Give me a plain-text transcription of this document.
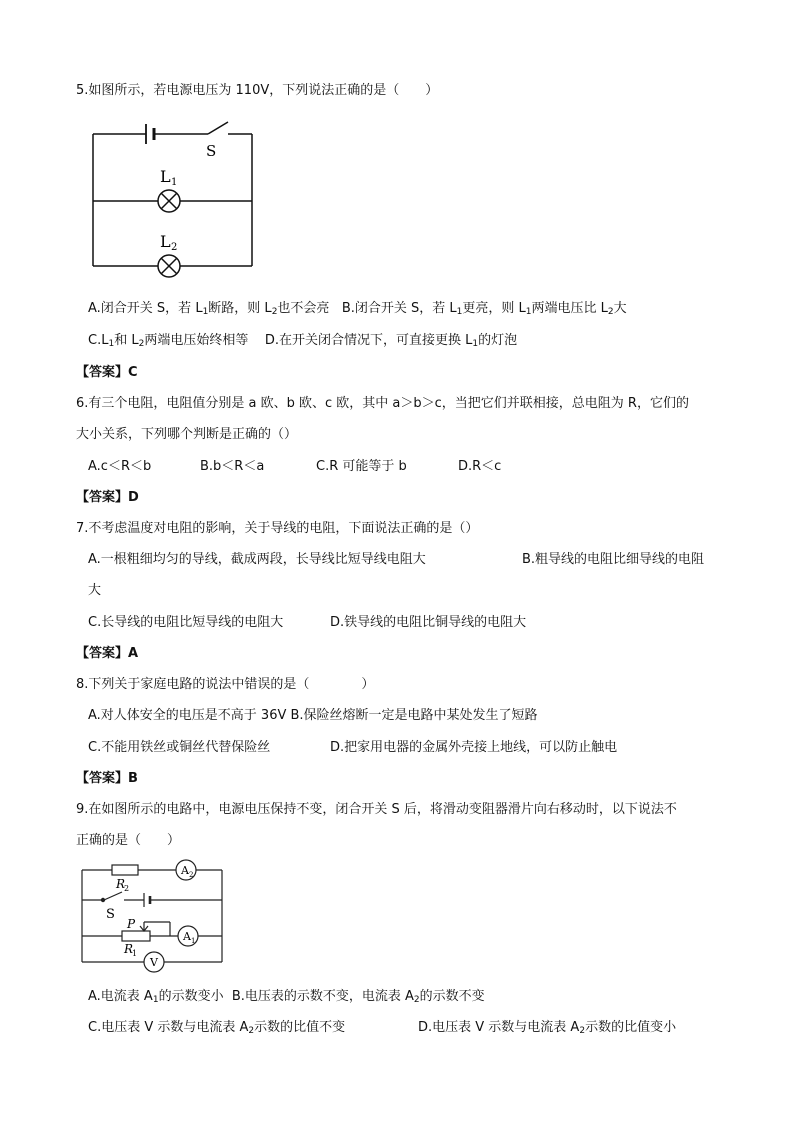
5.如图所示，若电源电压为 110V，下列说法正确的是（　　）
S
L 1
L 2
A.闭合开关 S，若 $L_1$断路，则 $L_2$也不会亮 B.闭合开关 S，若 $L_1$更亮，则 $L_1$两端电压比 $L_2$大
$C.L_1$和 $L_2$两端电压始终相等 D.在开关闭合情况下，可直接更换 $L_1$的灯泡
【答案】C
6.有三个电阻，电阻值分别是 a 欧、b 欧、c 欧，其中 a＞b＞c，当把它们并联相接，总电阻为 R，它们的
大小关系，下列哪个判断是正确的（）
A.c＜R＜b	B.b＜R＜a	C.R 可能等于 b	D.R＜c
【答案】D
7.不考虑温度对电阻的影响，关于导线的电阻，下面说法正确的是（）
A.一根粗细均匀的导线，截成两段，长导线比短导线电阻大	B.粗导线的电阻比细导线的电阻
大
C.长导线的电阻比短导线的电阻大	D.铁导线的电阻比铜导线的电阻大
【答案】A
8.下列关于家庭电路的说法中错误的是（　　　　）
A.对人体安全的电压是不高于 36V B.保险丝熔断一定是电路中某处发生了短路
C.不能用铁丝或铜丝代替保险丝	D.把家用电器的金属外壳接上地线，可以防止触电
【答案】B
9.在如图所示的电路中，电源电压保持不变，闭合开关 S 后，将滑动变阻器滑片向右移动时，以下说法不
正确的是（　　）
R
2
A 2
S
P
R
1
A 1
V
A.电流表 $A_1$的示数变小 B.电压表的示数不变，电流表 $A_2$的示数不变
C.电压表 V 示数与电流表 $A_2$示数的比值不变	D.电压表 V 示数与电流表 $A_2$示数的比值变小
